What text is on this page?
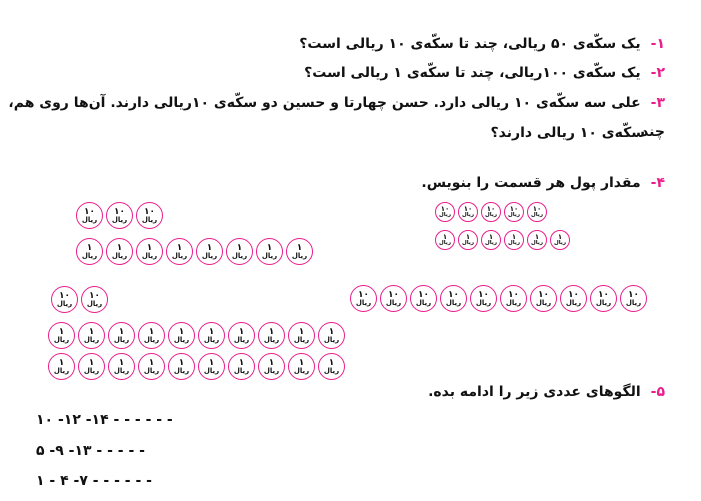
۱-یک سکّه‌ی ۵۰ ریالی، چند تا سکّه‌ی ۱۰ ریالی است؟
۲-یک سکّه‌ی ۱۰۰ریالی، چند تا سکّه‌ی ۱ ریالی است؟
۳-علی سه سکّه‌ی ۱۰ ریالی دارد. حسن چهارتا و حسین دو سکّه‌ی ۱۰ریالی دارند. آن‌ها روی هم، چند
سکّه‌ی ۱۰ ریالی دارند؟
۴-مقدار پول هر قسمت را بنویس.
۱۰
ریال
۱۰
ریال
۱۰
ریال
۱
ریال
۱
ریال
۱
ریال
۱
ریال
۱
ریال
۱
ریال
۱
ریال
۱
ریال
۱۰
ریال
۱۰
ریال
۱۰
ریال
۱۰
ریال
۱۰
ریال
۱
ریال
۱
ریال
۱
ریال
۱
ریال
۱
ریال
۱
ریال
۱۰
ریال
۱۰
ریال
۱
ریال
۱
ریال
۱
ریال
۱
ریال
۱
ریال
۱
ریال
۱
ریال
۱
ریال
۱
ریال
۱
ریال
۱
ریال
۱
ریال
۱
ریال
۱
ریال
۱
ریال
۱
ریال
۱
ریال
۱
ریال
۱
ریال
۱
ریال
۱۰
ریال
۱۰
ریال
۱۰
ریال
۱۰
ریال
۱۰
ریال
۱۰
ریال
۱۰
ریال
۱۰
ریال
۱۰
ریال
۱۰
ریال
۵-الگوهای عددی زیر را ادامه بده.
۱۰ -۱۲ -۱۴ - - - - - -
۵ -۹ -۱۳ - - - - -
۱ - ۴ -۷ - - - - - -
